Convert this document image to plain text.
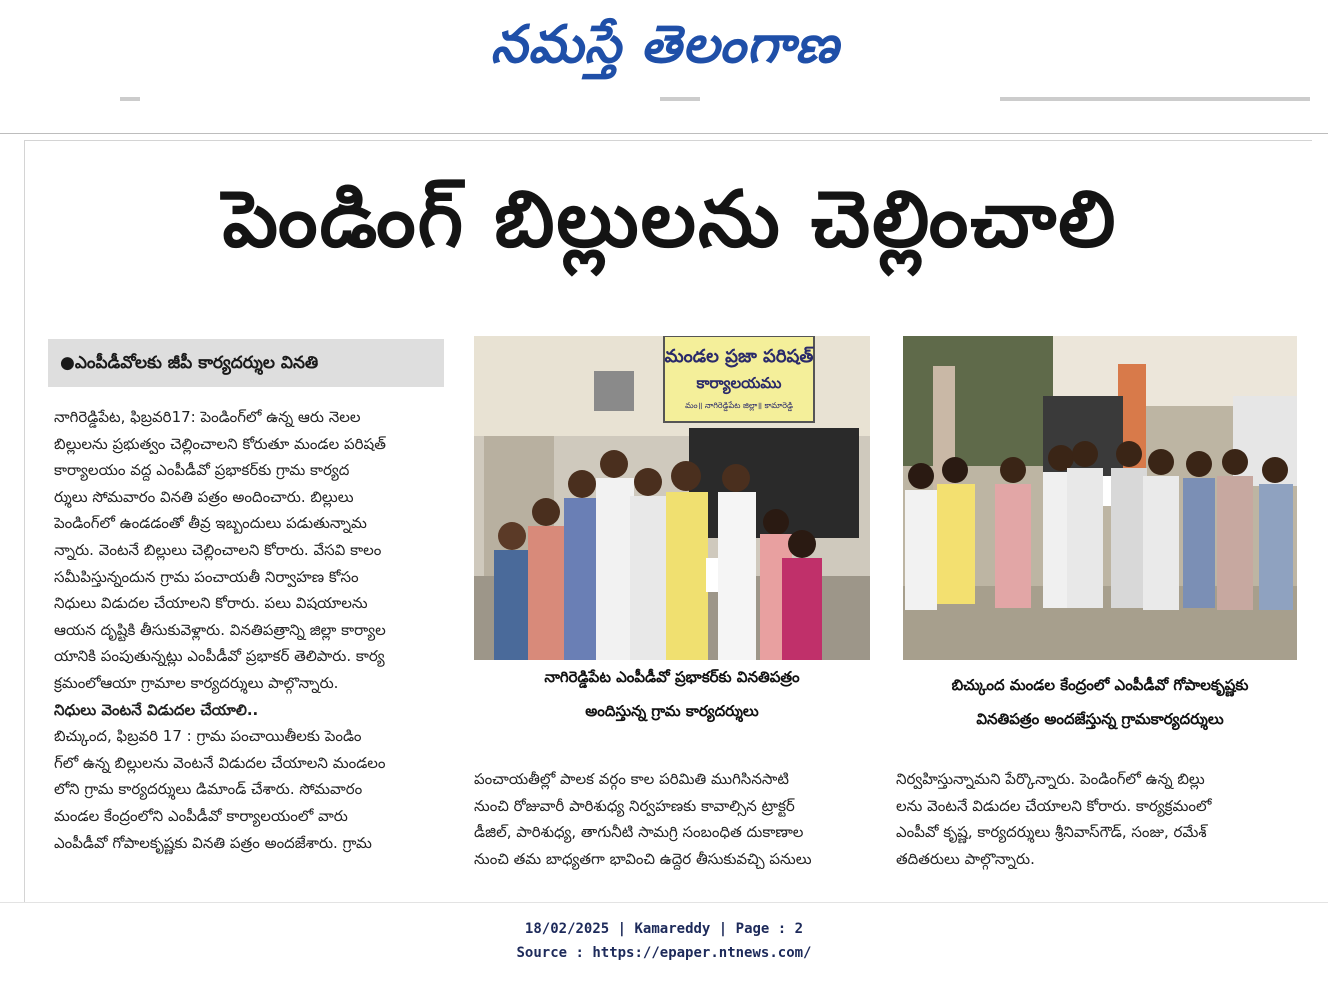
నమస్తే తెలంగాణ
పెండింగ్ బిల్లులను చెల్లించాలి
●ఎంపీడీవోలకు జీపీ కార్యదర్శుల వినతి

నాగిరెడ్డిపేట, ఫిబ్రవరి17: పెండింగ్‌లో ఉన్న ఆరు నెలల

బిల్లులను ప్రభుత్వం చెల్లించాలని కోరుతూ మండల పరిషత్

కార్యాలయం వద్ద ఎంపీడీవో ప్రభాకర్‌కు గ్రామ కార్యద

ర్శులు సోమవారం వినతి పత్రం అందించారు. బిల్లులు

పెండింగ్‌లో ఉండడంతో తీవ్ర ఇబ్బందులు పడుతున్నామ

న్నారు. వెంటనే బిల్లులు చెల్లించాలని కోరారు. వేసవి కాలం

సమీపిస్తున్నందున గ్రామ పంచాయతీ నిర్వాహణ కోసం

నిధులు విడుదల చేయాలని కోరారు. పలు విషయాలను

ఆయన దృష్టికి తీసుకువెళ్లారు. వినతిపత్రాన్ని జిల్లా కార్యాల

యానికి పంపుతున్నట్లు ఎంపీడీవో ప్రభాకర్ తెలిపారు. కార్య

క్రమంలోఆయా గ్రామాల కార్యదర్శులు పాల్గొన్నారు.

నిధులు వెంటనే విడుదల చేయాలి..

బిచ్కుంద, ఫిబ్రవరి 17 : గ్రామ పంచాయితీలకు పెండిం

గ్‌లో ఉన్న బిల్లులను వెంటనే విడుదల చేయాలని మండలం

లోని గ్రామ కార్యదర్శులు డిమాండ్ చేశారు. సోమవారం

మండల కేంద్రంలోని ఎంపీడీవో కార్యాలయంలో వారు

ఎంపీడీవో గోపాలకృష్ణకు వినతి పత్రం అందజేశారు. గ్రామ

మండల ప్రజా పరిషత్
కార్యాలయము
మం॥ నాగిరెడ్డిపేట జిల్లా॥ కామారెడ్డి
నాగిరెడ్డిపేట ఎంపీడీవో ప్రభాకర్‌కు వినతిపత్రం
అందిస్తున్న గ్రామ కార్యదర్శులు
బిచ్కుంద మండల కేంద్రంలో ఎంపీడీవో గోపాలకృష్ణకు
వినతిపత్రం అందజేస్తున్న గ్రామకార్యదర్శులు

పంచాయతీల్లో పాలక వర్గం కాల పరిమితి ముగిసినసాటి

నుంచి రోజువారీ పారిశుధ్య నిర్వహణకు కావాల్సిన ట్రాక్టర్

డీజిల్, పారిశుధ్య, తాగునీటి సామగ్రి సంబంధిత దుకాణాల

నుంచి తమ బాధ్యతగా భావించి ఉద్దెర తీసుకువచ్చి పనులు

నిర్వహిస్తున్నామని పేర్కొన్నారు. పెండింగ్‌లో ఉన్న బిల్లు

లను వెంటనే విడుదల చేయాలని కోరారు. కార్యక్రమంలో

ఎంపీవో కృష్ణ, కార్యదర్శులు శ్రీనివాస్‌గౌడ్, సంజు, రమేశ్

తదితరులు పాల్గొన్నారు.

18/02/2025 | Kamareddy | Page : 2
Source : https://epaper.ntnews.com/
